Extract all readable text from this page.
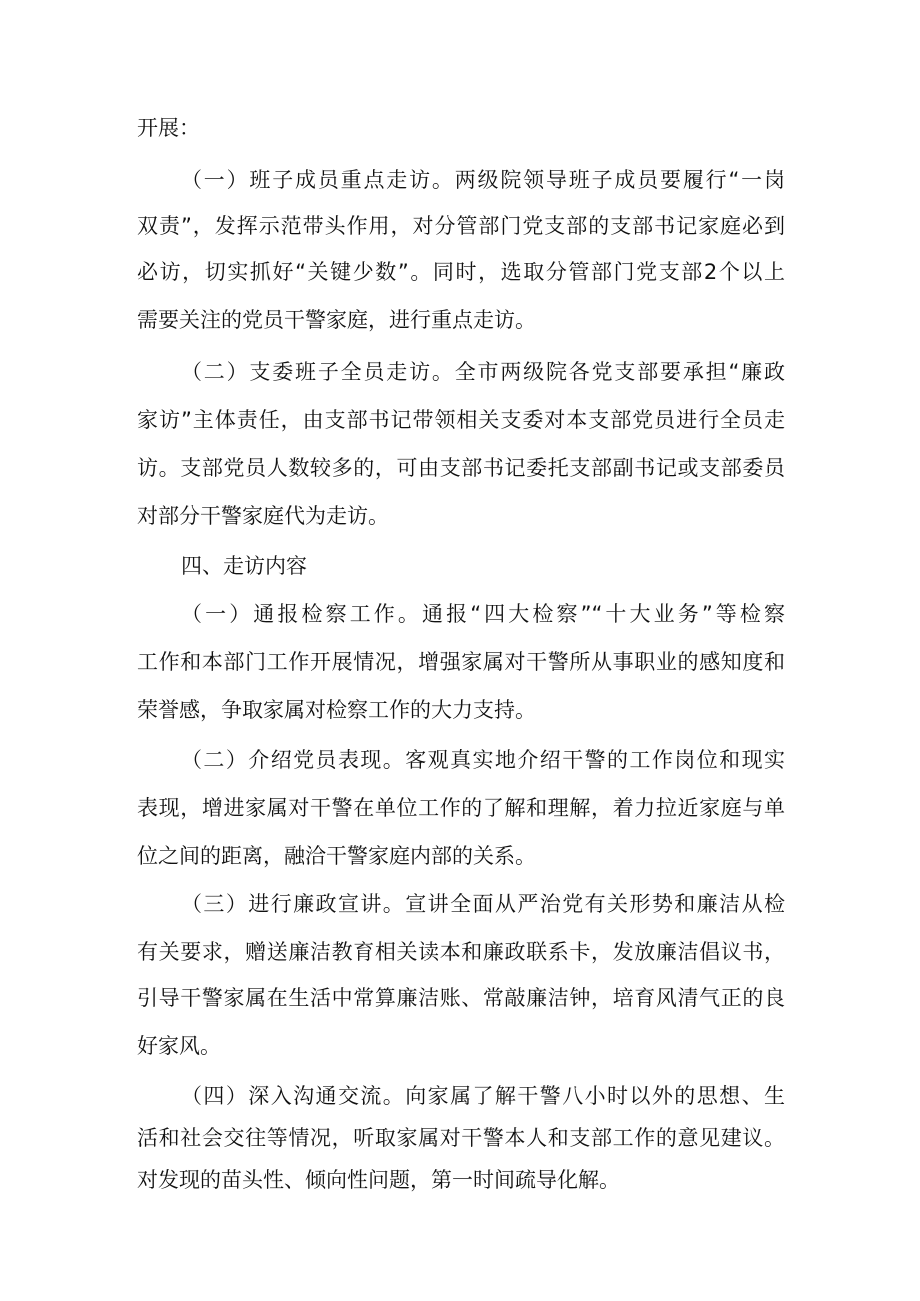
开展：
（一）班子成员重点走访。两级院领导班子成员要履行“一岗
双责”，发挥示范带头作用，对分管部门党支部的支部书记家庭必到
必访，切实抓好“关键少数”。同时，选取分管部门党支部2个以上
需要关注的党员干警家庭，进行重点走访。
（二）支委班子全员走访。全市两级院各党支部要承担“廉政
家访”主体责任，由支部书记带领相关支委对本支部党员进行全员走
访。支部党员人数较多的，可由支部书记委托支部副书记或支部委员
对部分干警家庭代为走访。
四、走访内容
（一）通报检察工作。通报“四大检察”“十大业务”等检察
工作和本部门工作开展情况，增强家属对干警所从事职业的感知度和
荣誉感，争取家属对检察工作的大力支持。
（二）介绍党员表现。客观真实地介绍干警的工作岗位和现实
表现，增进家属对干警在单位工作的了解和理解，着力拉近家庭与单
位之间的距离，融洽干警家庭内部的关系。
（三）进行廉政宣讲。宣讲全面从严治党有关形势和廉洁从检
有关要求，赠送廉洁教育相关读本和廉政联系卡，发放廉洁倡议书，
引导干警家属在生活中常算廉洁账、常敲廉洁钟，培育风清气正的良
好家风。
（四）深入沟通交流。向家属了解干警八小时以外的思想、生
活和社会交往等情况，听取家属对干警本人和支部工作的意见建议。
对发现的苗头性、倾向性问题，第一时间疏导化解。
